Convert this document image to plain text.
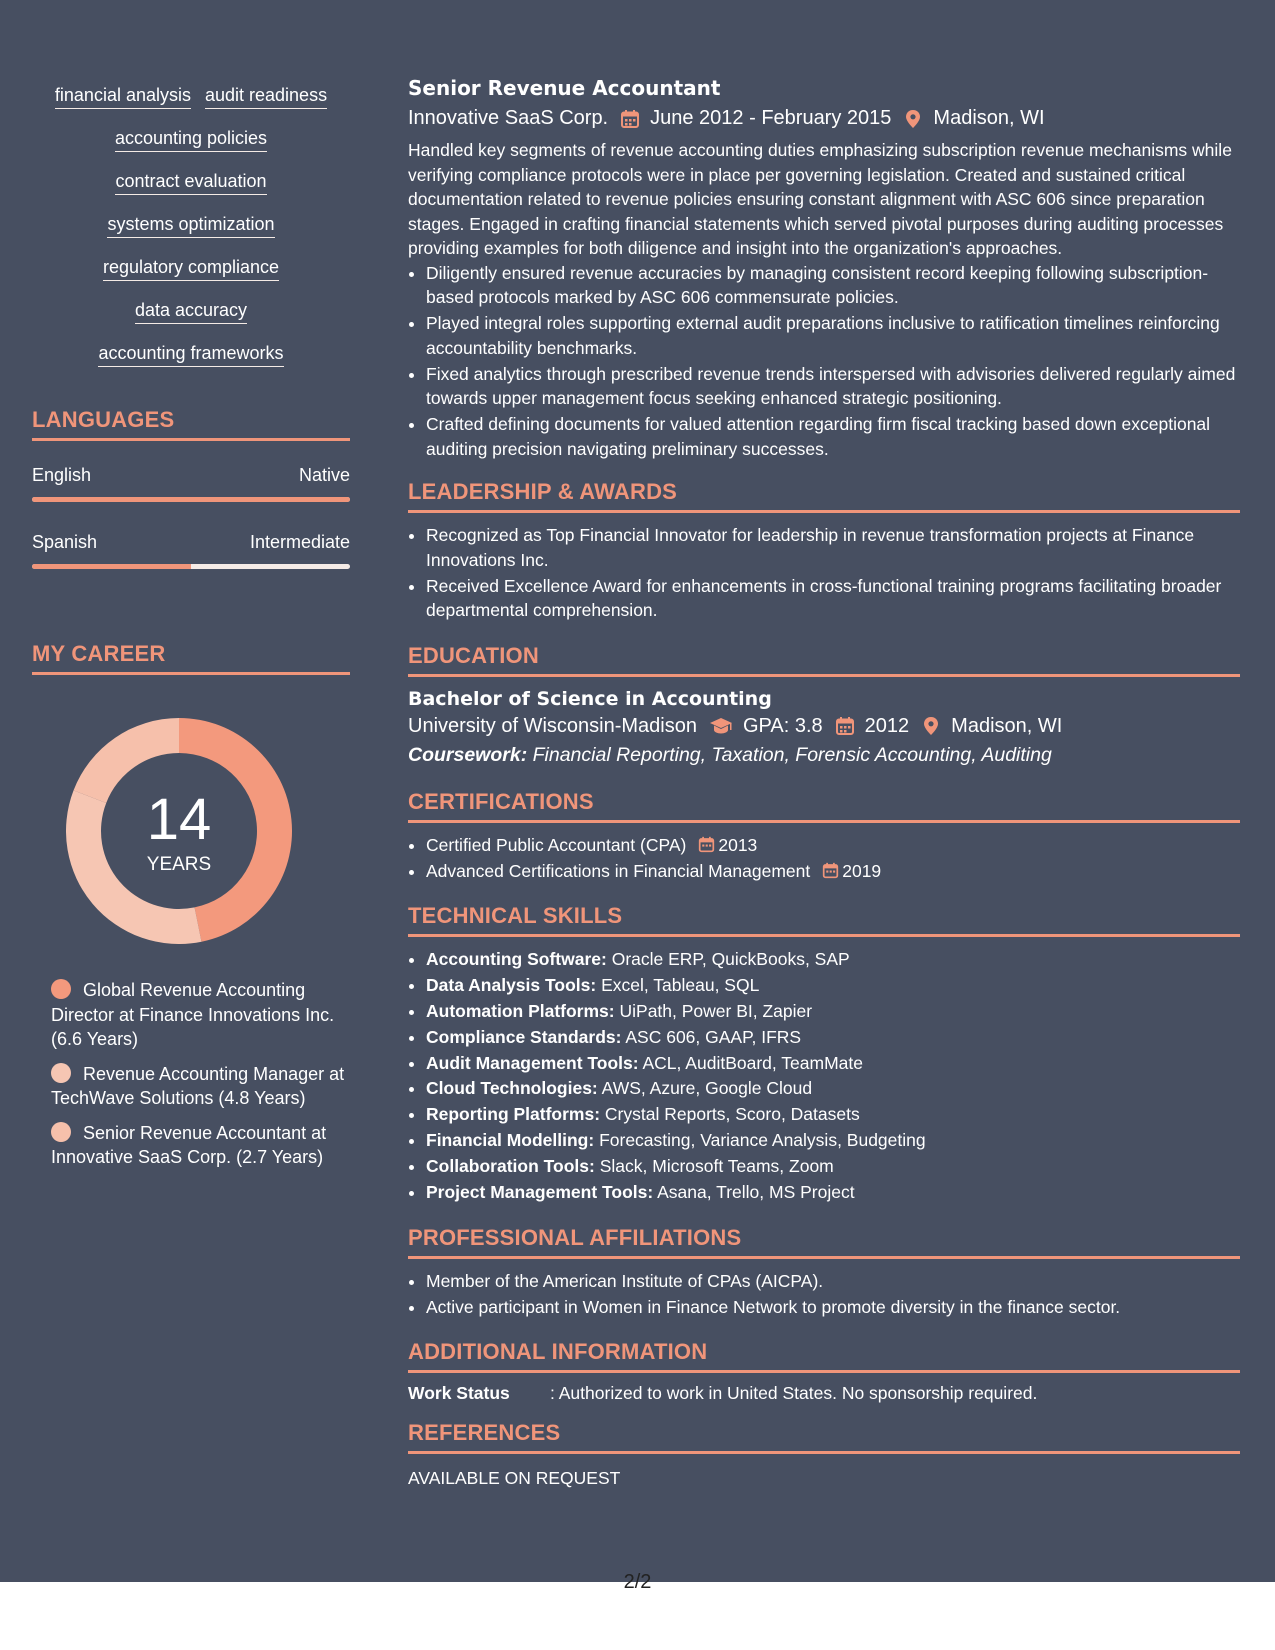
financial analysis audit readiness
accounting policies
contract evaluation
systems optimization
regulatory compliance
data accuracy
accounting frameworks
LANGUAGES
English	Native
Spanish	Intermediate
MY CAREER
14
YEARS
Global Revenue Accounting Director at Finance Innovations Inc. (6.6 Years)
Revenue Accounting Manager at TechWave Solutions (4.8 Years)
Senior Revenue Accountant at Innovative SaaS Corp. (2.7 Years)
Senior Revenue Accountant
Innovative SaaS Corp. June 2012 - February 2015 Madison, WI
Handled key segments of revenue accounting duties emphasizing subscription revenue mechanisms while verifying compliance protocols were in place per governing legislation. Created and sustained critical documentation related to revenue policies ensuring constant alignment with ASC 606 since preparation stages. Engaged in crafting financial statements which served pivotal purposes during auditing processes providing examples for both diligence and insight into the organization's approaches.
• Diligently ensured revenue accuracies by managing consistent record keeping following subscription-based protocols marked by ASC 606 commensurate policies.
• Played integral roles supporting external audit preparations inclusive to ratification timelines reinforcing accountability benchmarks.
• Fixed analytics through prescribed revenue trends interspersed with advisories delivered regularly aimed towards upper management focus seeking enhanced strategic positioning.
• Crafted defining documents for valued attention regarding firm fiscal tracking based down exceptional auditing precision navigating preliminary successes.
LEADERSHIP & AWARDS
• Recognized as Top Financial Innovator for leadership in revenue transformation projects at Finance Innovations Inc.
• Received Excellence Award for enhancements in cross-functional training programs facilitating broader departmental comprehension.
EDUCATION
Bachelor of Science in Accounting
University of Wisconsin-Madison GPA: 3.8 2012 Madison, WI
Coursework: Financial Reporting, Taxation, Forensic Accounting, Auditing
CERTIFICATIONS
• Certified Public Accountant (CPA) 2013
• Advanced Certifications in Financial Management 2019
TECHNICAL SKILLS
• Accounting Software: Oracle ERP, QuickBooks, SAP
• Data Analysis Tools: Excel, Tableau, SQL
• Automation Platforms: UiPath, Power BI, Zapier
• Compliance Standards: ASC 606, GAAP, IFRS
• Audit Management Tools: ACL, AuditBoard, TeamMate
• Cloud Technologies: AWS, Azure, Google Cloud
• Reporting Platforms: Crystal Reports, Scoro, Datasets
• Financial Modelling: Forecasting, Variance Analysis, Budgeting
• Collaboration Tools: Slack, Microsoft Teams, Zoom
• Project Management Tools: Asana, Trello, MS Project
PROFESSIONAL AFFILIATIONS
• Member of the American Institute of CPAs (AICPA).
• Active participant in Women in Finance Network to promote diversity in the finance sector.
ADDITIONAL INFORMATION
Work Status	: Authorized to work in United States. No sponsorship required.
REFERENCES
AVAILABLE ON REQUEST
2/2
